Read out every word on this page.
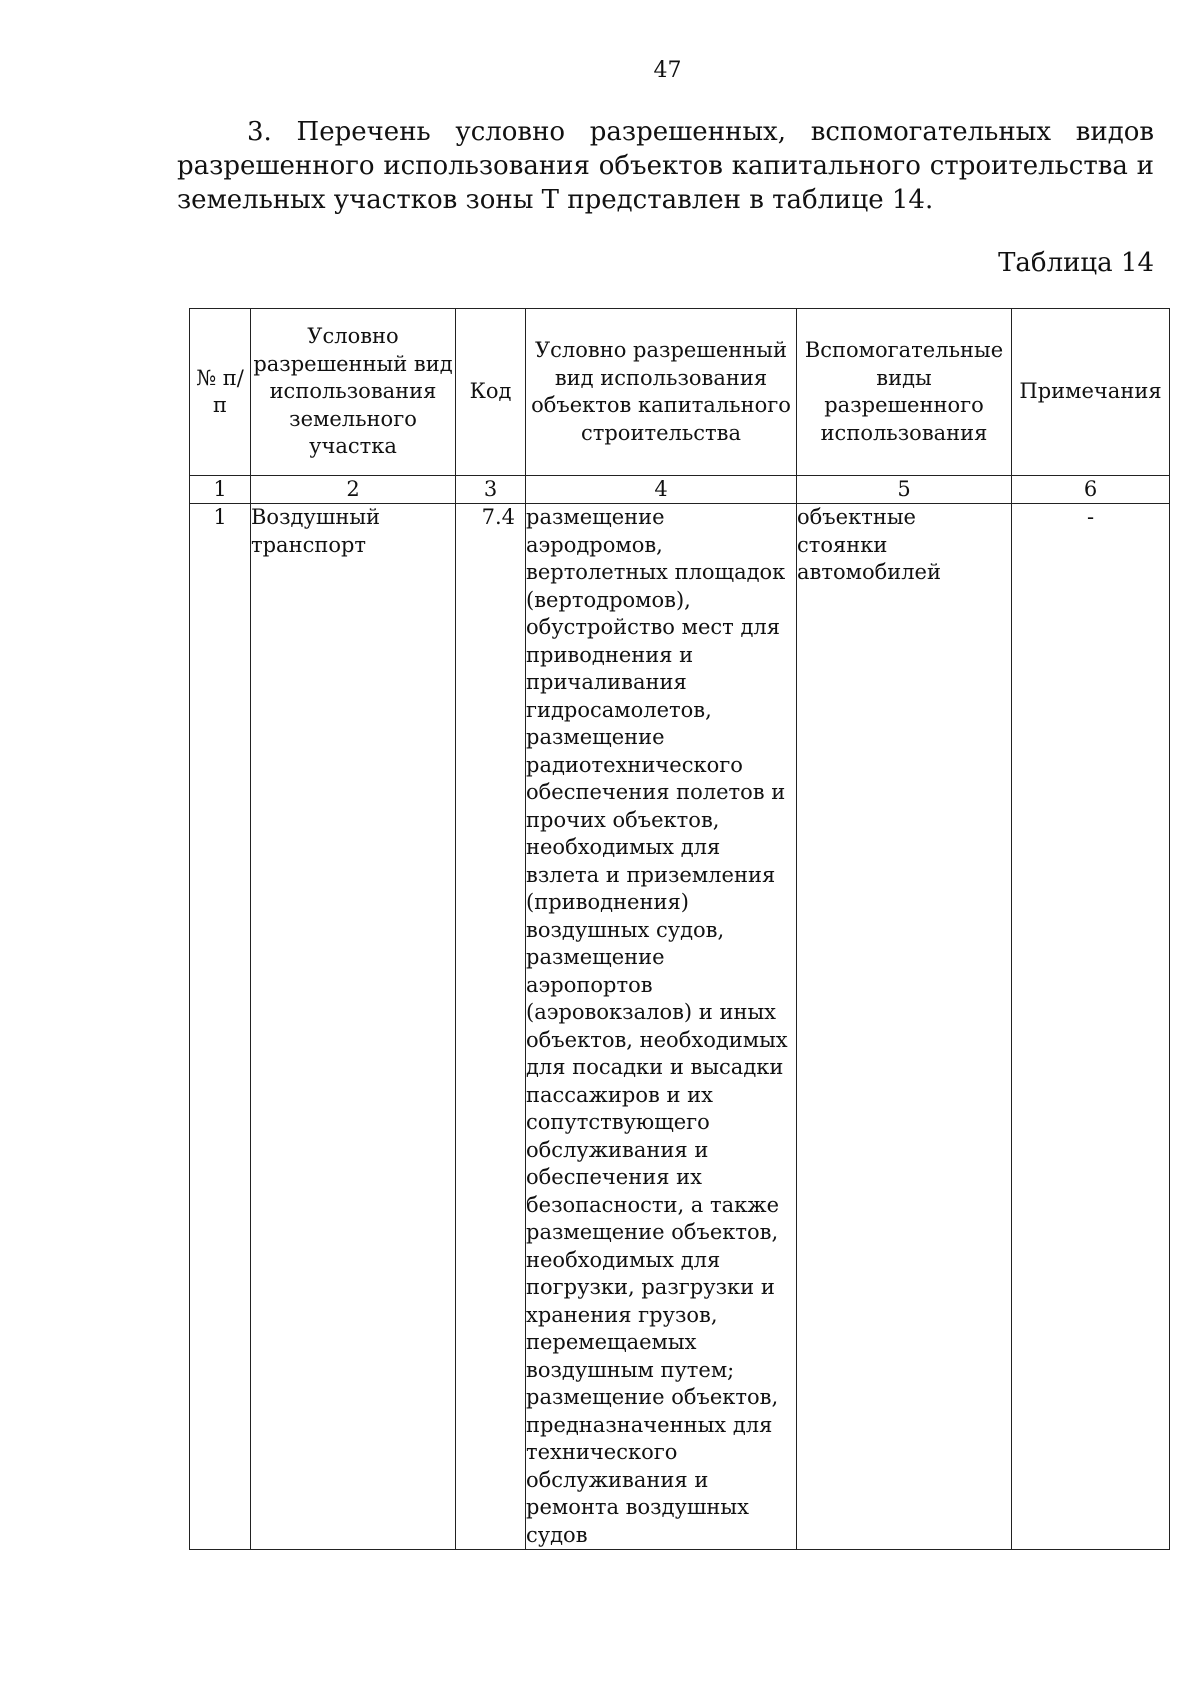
47

3. Перечень условно разрешенных, вспомогательных видов разрешенного использования объектов капитального строительства и земельных участков зоны Т представлен в таблице 14.

Таблица 14
№ п/п	Условно разрешенный вид использования земельного участка	Код	Условно разрешенный вид использования объектов капитального строительства	Вспомогательные виды разрешенного использования	Примечания
1	2	3	4	5	6
1	Воздушный транспорт	7.4	размещение аэродромов, вертолетных площадок (вертодромов), обустройство мест для приводнения и причаливания гидросамолетов, размещение радиотехнического обеспечения полетов и прочих объектов, необходимых для взлета и приземления (приводнения) воздушных судов, размещение аэропортов (аэровокзалов) и иных объектов, необходимых для посадки и высадки пассажиров и их сопутствующего обслуживания и обеспечения их безопасности, а также размещение объектов, необходимых для погрузки, разгрузки и хранения грузов, перемещаемых воздушным путем; размещение объектов, предназначенных для технического обслуживания и ремонта воздушных судов	объектные стоянки автомобилей	-
